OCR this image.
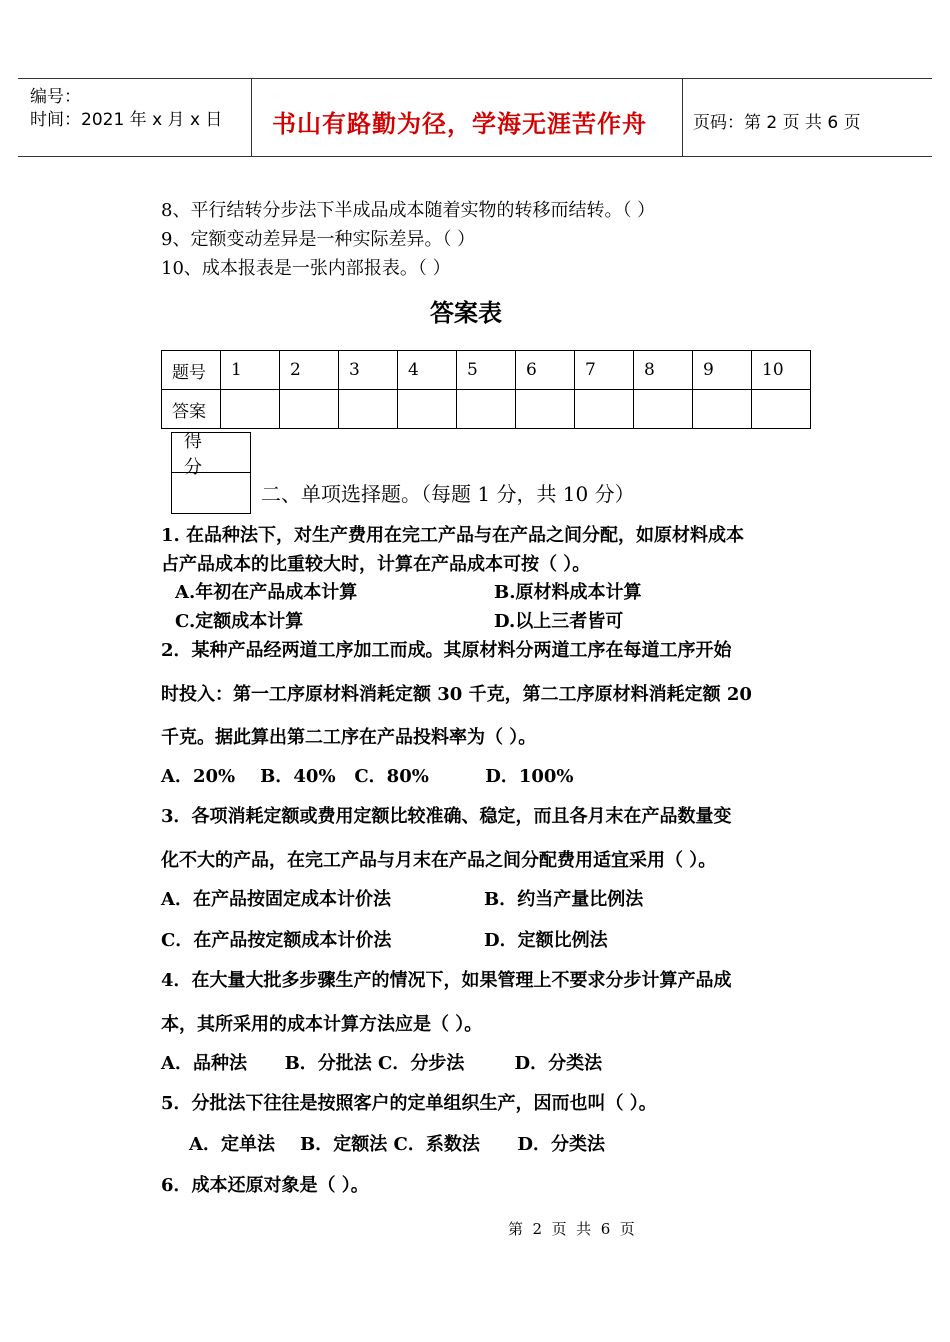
编号：
时间：2021 年 x 月 x 日 书山有路勤为径，学海无涯苦作舟	页码：第 2 页 共 6 页
8、平行结转分步法下半成品成本随着实物的转移而结转。（ ）
9、定额变动差异是一种实际差异。（ ）
10、成本报表是一张内部报表。（ ）
答案表
题号	1	2	3	4	5	6	7	8	9	10
答案										
得分
二、单项选择题。（每题 1 分，共 10 分）
1. 在品种法下，对生产费用在完工产品与在产品之间分配，如原材料成本
占产品成本的比重较大时，计算在产品成本可按（ ）。
A.年初在产品成本计算	B.原材料成本计算
C.定额成本计算	D.以上三者皆可
2．某种产品经两道工序加工而成。其原材料分两道工序在每道工序开始
时投入：第一工序原材料消耗定额 30 千克，第二工序原材料消耗定额 20
千克。据此算出第二工序在产品投料率为（ ）。
A．20%    B．40%   C．80%         D．100%
3．各项消耗定额或费用定额比较准确、稳定，而且各月末在产品数量变
化不大的产品，在完工产品与月末在产品之间分配费用适宜采用（ ）。
A．在产品按固定成本计价法	B．约当产量比例法
C．在产品按定额成本计价法	D．定额比例法
4．在大量大批多步骤生产的情况下，如果管理上不要求分步计算产品成
本，其所采用的成本计算方法应是（ ）。
A．品种法      B．分批法 C．分步法        D．分类法
5．分批法下往往是按照客户的定单组织生产，因而也叫（ ）。
A．定单法    B．定额法 C．系数法      D．分类法
6．成本还原对象是（ ）。
第  2  页  共  6  页
